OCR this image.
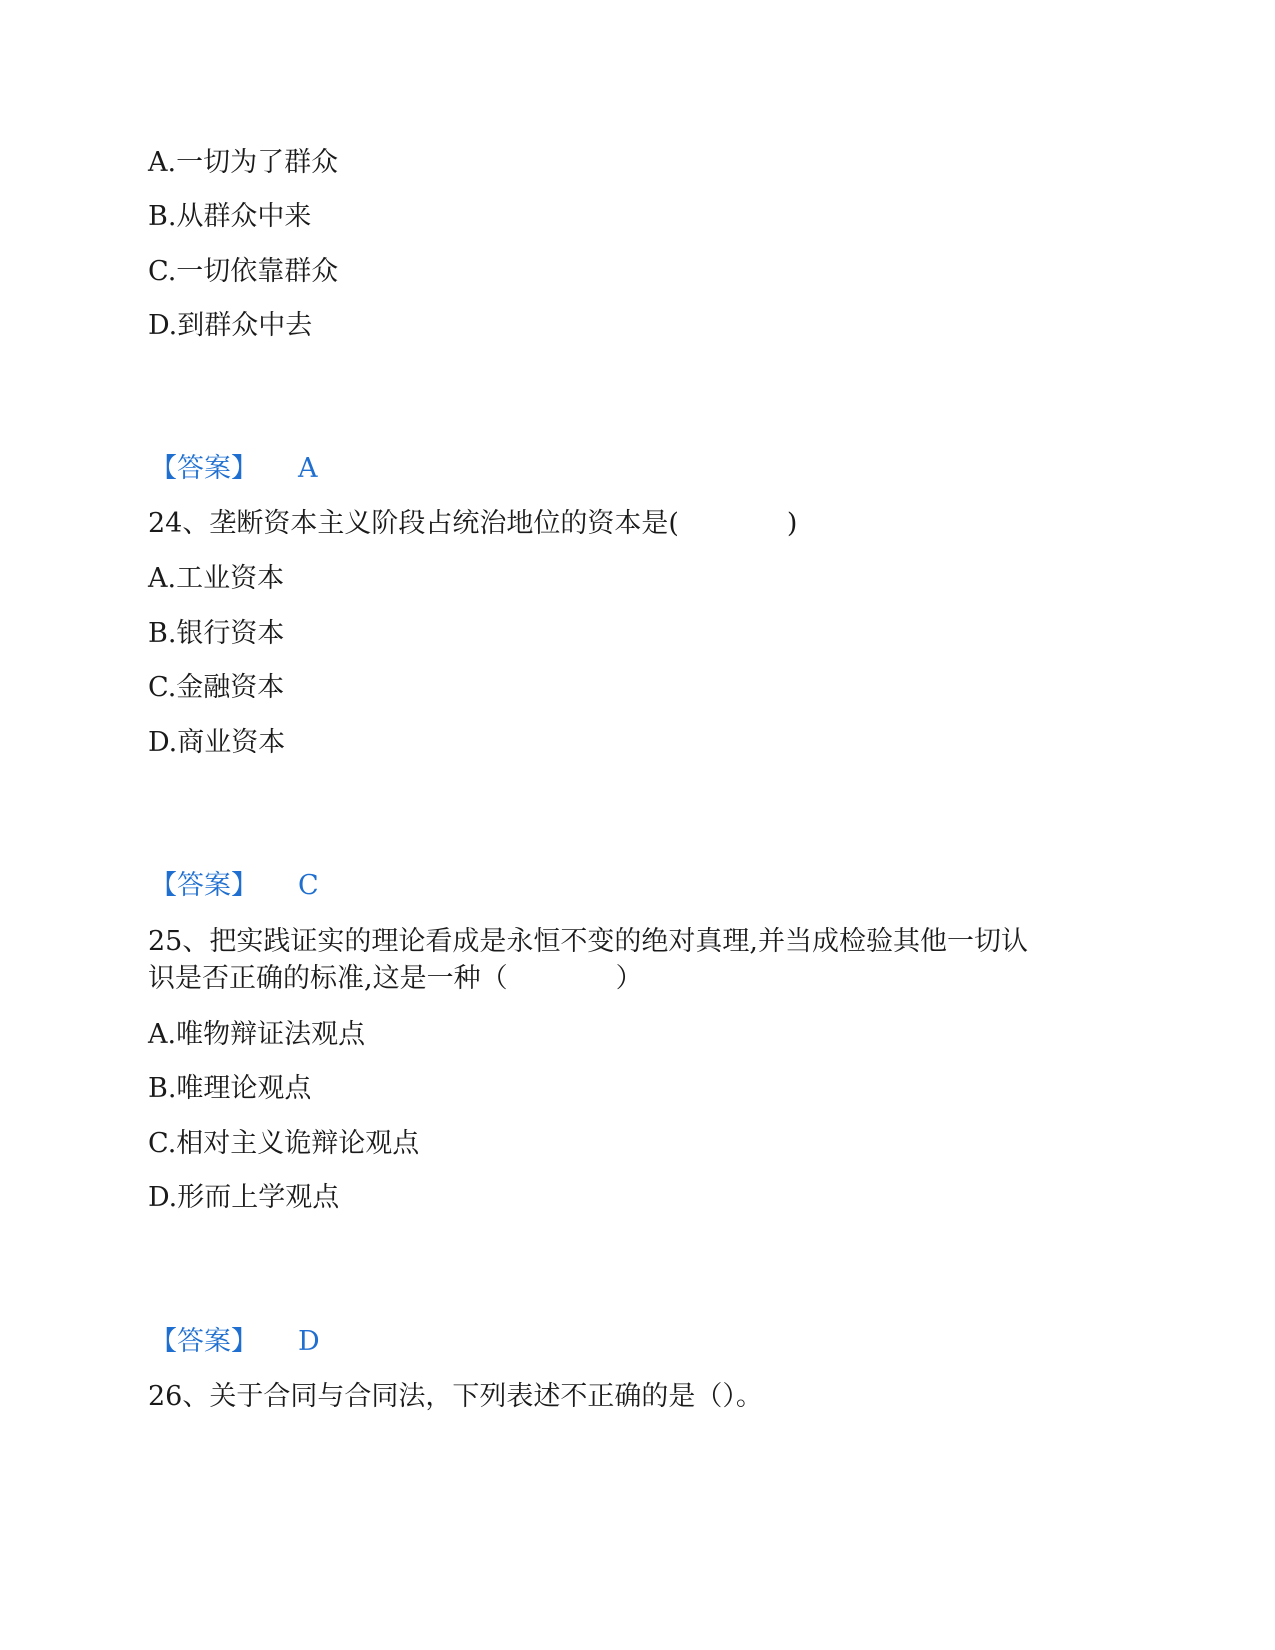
A.一切为了群众
B.从群众中来
C.一切依靠群众
D.到群众中去
【答案】 A
24、垄断资本主义阶段占统治地位的资本是(　　　　)
A.工业资本
B.银行资本
C.金融资本
D.商业资本
【答案】 C
25、把实践证实的理论看成是永恒不变的绝对真理,并当成检验其他一切认
识是否正确的标准,这是一种（　　　　）
A.唯物辩证法观点
B.唯理论观点
C.相对主义诡辩论观点
D.形而上学观点
【答案】 D
26、关于合同与合同法，下列表述不正确的是（）。
